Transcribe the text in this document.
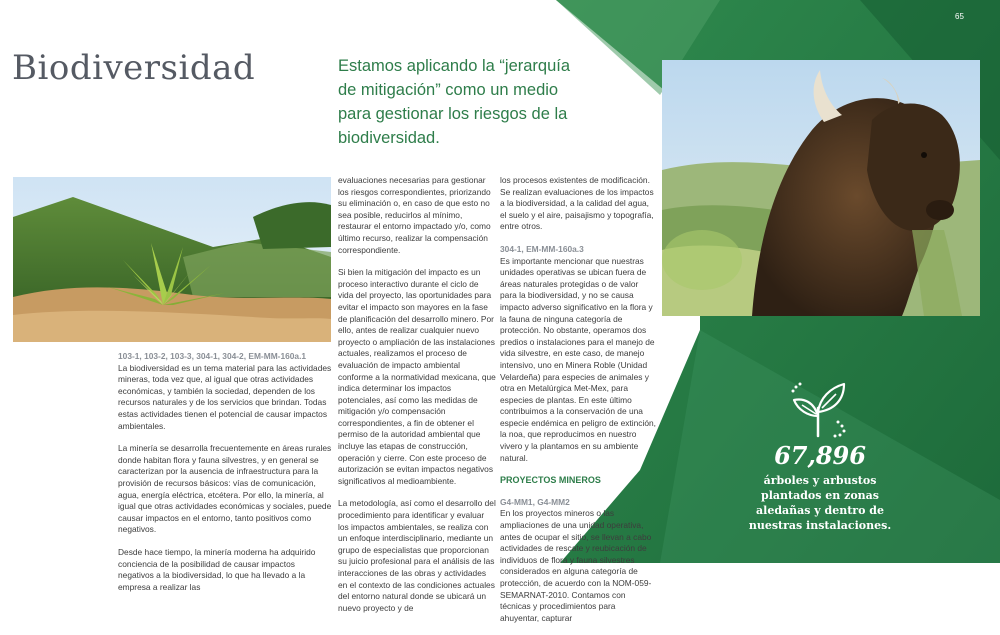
65
Biodiversidad	Estamos aplicando la “jerarquía de mitigación” como un medio para gestionar los riesgos de la biodiversidad.

103-1, 103-2, 103-3, 304-1, 304-2, EM-MM-160a.1

La biodiversidad es un tema material para las actividades mineras, toda vez que, al igual que otras actividades económicas, y también la sociedad, dependen de los recursos naturales y de los servicios que brindan. Todas estas actividades tienen el potencial de causar impactos ambientales.

La minería se desarrolla frecuentemente en áreas rurales donde habitan flora y fauna silvestres, y en general se caracterizan por la ausencia de infraestructura para la provisión de recursos básicos: vías de comunicación, agua, energía eléctrica, etcétera. Por ello, la minería, al igual que otras actividades económicas y sociales, puede causar impactos en el entorno, tanto positivos como negativos.

Desde hace tiempo, la minería moderna ha adquirido conciencia de la posibilidad de causar impactos negativos a la biodiversidad, lo que ha llevado a la empresa a realizar las

evaluaciones necesarias para gestionar los riesgos correspondientes, priorizando su eliminación o, en caso de que esto no sea posible, reducirlos al mínimo, restaurar el entorno impactado y/o, como último recurso, realizar la compensación correspondiente.

Si bien la mitigación del impacto es un proceso interactivo durante el ciclo de vida del proyecto, las oportunidades para evitar el impacto son mayores en la fase de planificación del desarrollo minero. Por ello, antes de realizar cualquier nuevo proyecto o ampliación de las instalaciones actuales, realizamos el proceso de evaluación de impacto ambiental conforme a la normatividad mexicana, que indica determinar los impactos potenciales, así como las medidas de mitigación y/o compensación correspondientes, a fin de obtener el permiso de la autoridad ambiental que incluye las etapas de construcción, operación y cierre. Con este proceso de autorización se evitan impactos negativos significativos al medioambiente.

La metodología, así como el desarrollo del procedimiento para identificar y evaluar los impactos ambientales, se realiza con un enfoque interdisciplinario, mediante un grupo de especialistas que proporcionan su juicio profesional para el análisis de las interacciones de las obras y actividades en el contexto de las condiciones actuales del entorno natural donde se ubicará un nuevo proyecto y de

los procesos existentes de modificación. Se realizan evaluaciones de los impactos a la biodiversidad, a la calidad del agua, el suelo y el aire, paisajismo y topografía, entre otros.

304-1, EM-MM-160a.3

Es importante mencionar que nuestras unidades operativas se ubican fuera de áreas naturales protegidas o de valor para la biodiversidad, y no se causa impacto adverso significativo en la flora y la fauna de ninguna categoría de protección. No obstante, operamos dos predios o instalaciones para el manejo de vida silvestre, en este caso, de manejo intensivo, uno en Minera Roble (Unidad Velardeña) para especies de animales y otra en Metalúrgica Met-Mex, para especies de plantas. En este último contribuimos a la conservación de una especie endémica en peligro de extinción, la noa, que reproducimos en nuestro vivero y la plantamos en su ambiente natural.

PROYECTOS MINEROS
G4-MM1, G4-MM2

En los proyectos mineros o las ampliaciones de una unidad operativa, antes de ocupar el sitio, se llevan a cabo actividades de rescate y reubicación de individuos de flora y fauna silvestres considerados en alguna categoría de protección, de acuerdo con la NOM-059-SEMARNAT-2010. Contamos con técnicas y procedimientos para ahuyentar, capturar

67,896
árboles y arbustos plantados en zonas aledañas y dentro de nuestras instalaciones.
